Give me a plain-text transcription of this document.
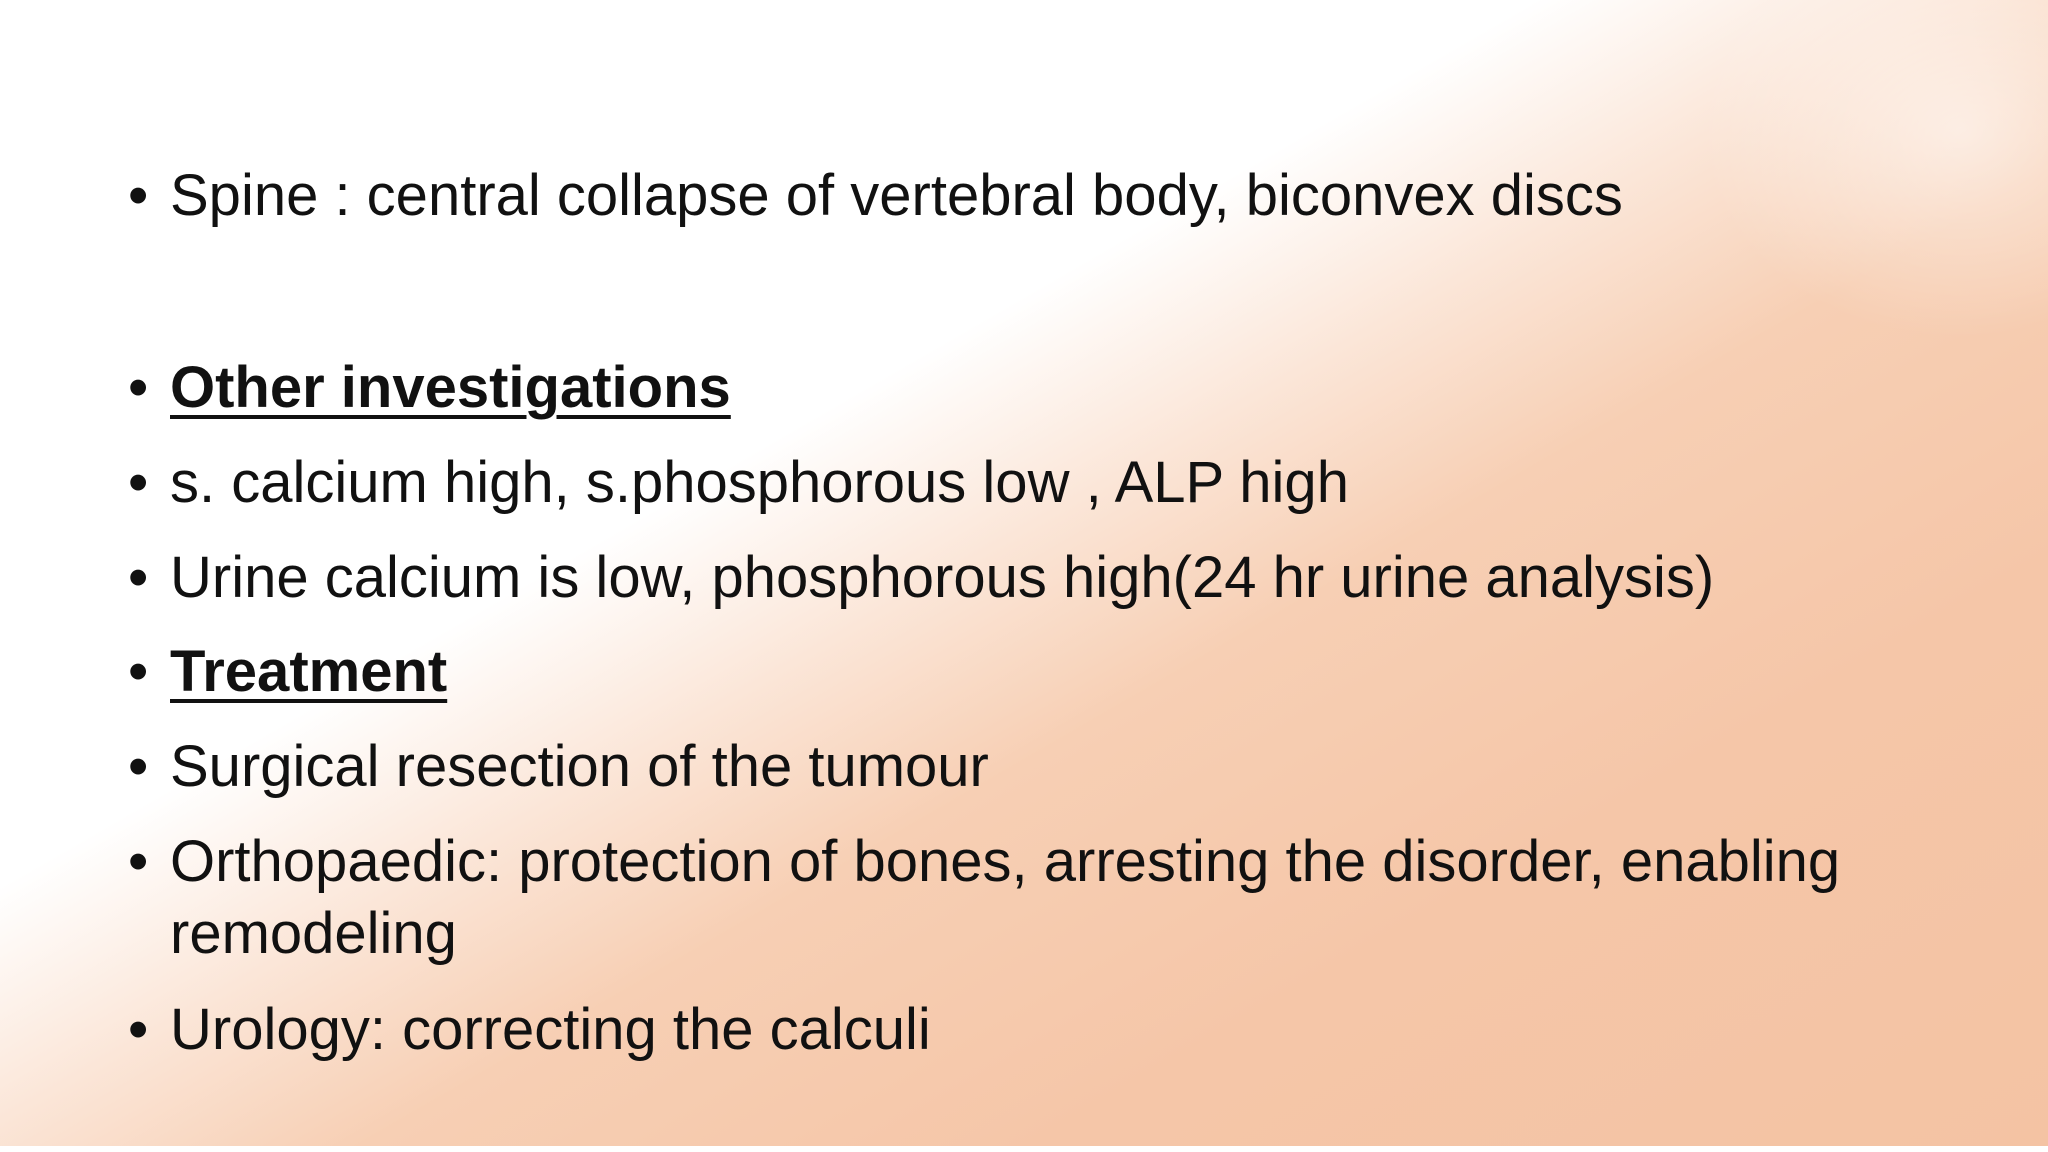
• Spine : central collapse of vertebral body, biconvex discs
• Other investigations
• s. calcium high, s.phosphorous low , ALP high
• Urine calcium is low, phosphorous high(24 hr urine analysis)
• Treatment
• Surgical resection of the tumour
• Orthopaedic: protection of bones, arresting the disorder, enabling remodeling
• Urology: correcting the calculi
